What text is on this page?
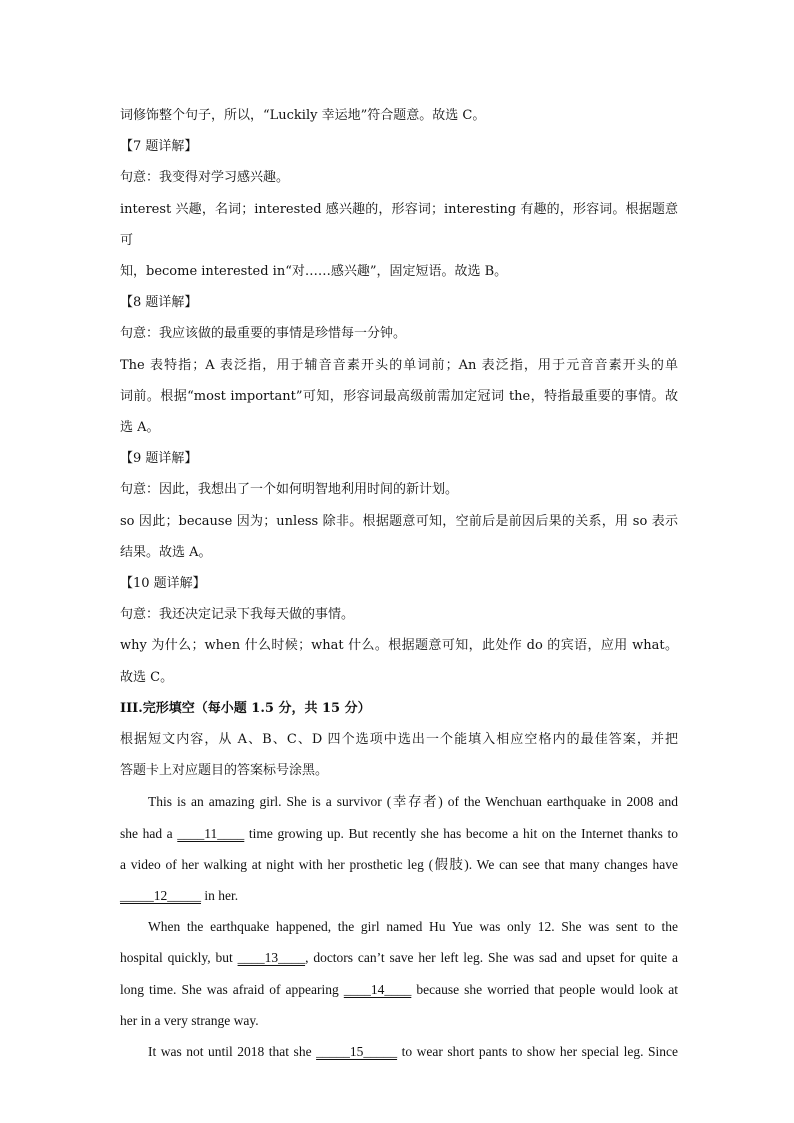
词修饰整个句子，所以，“Luckily 幸运地”符合题意。故选 C。
【7 题详解】
句意：我变得对学习感兴趣。
interest 兴趣，名词；interested 感兴趣的，形容词；interesting 有趣的，形容词。根据题意可
知，become interested in“对……感兴趣”，固定短语。故选 B。
【8 题详解】
句意：我应该做的最重要的事情是珍惜每一分钟。
The 表特指；A 表泛指，用于辅音音素开头的单词前；An 表泛指，用于元音音素开头的单
词前。根据“most important”可知，形容词最高级前需加定冠词 the，特指最重要的事情。故
选 A。
【9 题详解】
句意：因此，我想出了一个如何明智地利用时间的新计划。
so 因此；because 因为；unless 除非。根据题意可知，空前后是前因后果的关系，用 so 表示
结果。故选 A。
【10 题详解】
句意：我还决定记录下我每天做的事情。
why 为什么；when 什么时候；what 什么。根据题意可知，此处作 do 的宾语，应用 what。
故选 C。
III.完形填空（每小题 1.5 分，共 15 分）
根据短文内容，从 A、B、C、D 四个选项中选出一个能填入相应空格内的最佳答案，并把
答题卡上对应题目的答案标号涂黑。
This is an amazing girl. She is a survivor (幸存者) of the Wenchuan earthquake in 2008 and
she had a ____11____ time growing up. But recently she has become a hit on the Internet thanks to
a video of her walking at night with her prosthetic leg (假肢). We can see that many changes have
_____12_____ in her.
When the earthquake happened, the girl named Hu Yue was only 12. She was sent to the
hospital quickly, but ____13____, doctors can’t save her left leg. She was sad and upset for quite a
long time. She was afraid of appearing ____14____ because she worried that people would look at
her in a very strange way.
It was not until 2018 that she _____15_____ to wear short pants to show her special leg. Since
